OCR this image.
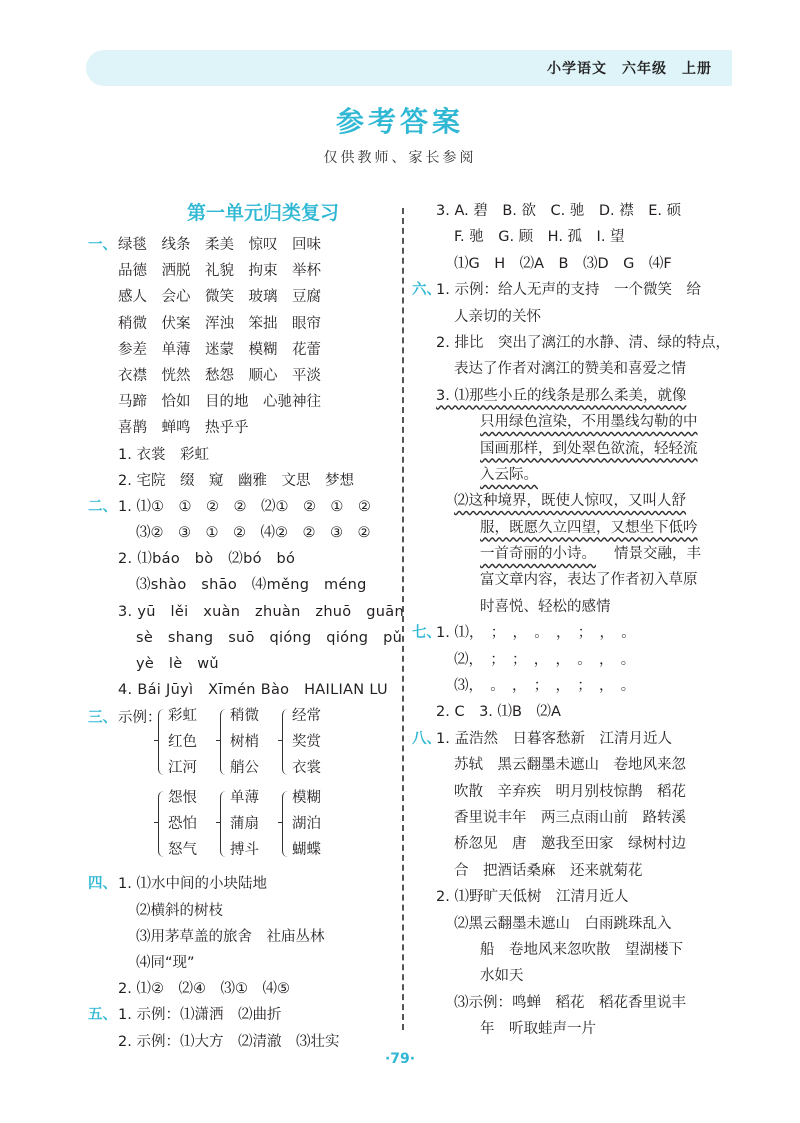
小学语文　六年级　上册
参考答案
仅供教师、家长参阅
第一单元归类复习
一、 绿毯　线条　柔美　惊叹　回味
品德　洒脱　礼貌　拘束　举杯
感人　会心　微笑　玻璃　豆腐
稍微　伏案　浑浊　笨拙　眼帘
参差　单薄　迷蒙　模糊　花蕾
衣襟　恍然　愁怨　顺心　平淡
马蹄　恰如　目的地　心驰神往
喜鹊　蝉鸣　热乎乎
1. 衣裳　彩虹
2. 宅院　缀　窥　幽雅　文思　梦想
二、 1. ⑴①　①　②　②　⑵①　②　①　②
⑶②　③　①　②　⑷②　②　③　②
2. ⑴báo　bò　⑵bó　bó
⑶shào　shāo　⑷měng　méng
3. yū　lěi　xuàn　zhuàn　zhuō　guān
sè　shang　suō　qióng　qióng　pǔ
yè　lè　wǔ
4. Bái Jūyì　Xīmén Bào　HAILIAN LU
三、 示例： 彩虹
红色
江河
稍微
树梢
艄公
经常
奖赏
衣裳
怨恨
恐怕
怒气
单薄
蒲扇
搏斗
模糊
湖泊
蝴蝶
四、 1. ⑴水中间的小块陆地
⑵横斜的树枝
⑶用茅草盖的旅舍　社庙丛林
⑷同“现”
2. ⑴②　⑵④　⑶①　⑷⑤
五、 1. 示例：⑴潇洒　⑵曲折
2. 示例：⑴大方　⑵清澈　⑶壮实
3. A. 碧　B. 欲　C. 驰　D. 襟　E. 硕
F. 驰　G. 顾　H. 孤　I. 望
⑴G　H　⑵A　B　⑶D　G　⑷F
六、
1. 示例：给人无声的支持　一个微笑　给
人亲切的关怀
2. 排比　突出了漓江的水静、清、绿的特点，
表达了作者对漓江的赞美和喜爱之情
3. ⑴那些小丘的线条是那么柔美，就像
只用绿色渲染，不用墨线勾勒的中
国画那样，到处翠色欲流，轻轻流
入云际。
⑵这种境界，既使人惊叹，又叫人舒
服，既愿久立四望，又想坐下低吟
一首奇丽的小诗。 情景交融，丰
富文章内容，表达了作者初入草原
时喜悦、轻松的感情
七、
1. ⑴，　；　，　。　，　；　，　。
⑵，　；　；　，　，　。　，　。
⑶，　。　，　；　，　；　，　。
2. C　3. ⑴B　⑵A
八、
1. 孟浩然　日暮客愁新　江清月近人
苏轼　黑云翻墨未遮山　卷地风来忽
吹散　辛弃疾　明月别枝惊鹊　稻花
香里说丰年　两三点雨山前　路转溪
桥忽见　唐　邀我至田家　绿树村边
合　把酒话桑麻　还来就菊花
2. ⑴野旷天低树　江清月近人
⑵黑云翻墨未遮山　白雨跳珠乱入
船　卷地风来忽吹散　望湖楼下
水如天
⑶示例：鸣蝉　稻花　稻花香里说丰
年　听取蛙声一片
·79·
